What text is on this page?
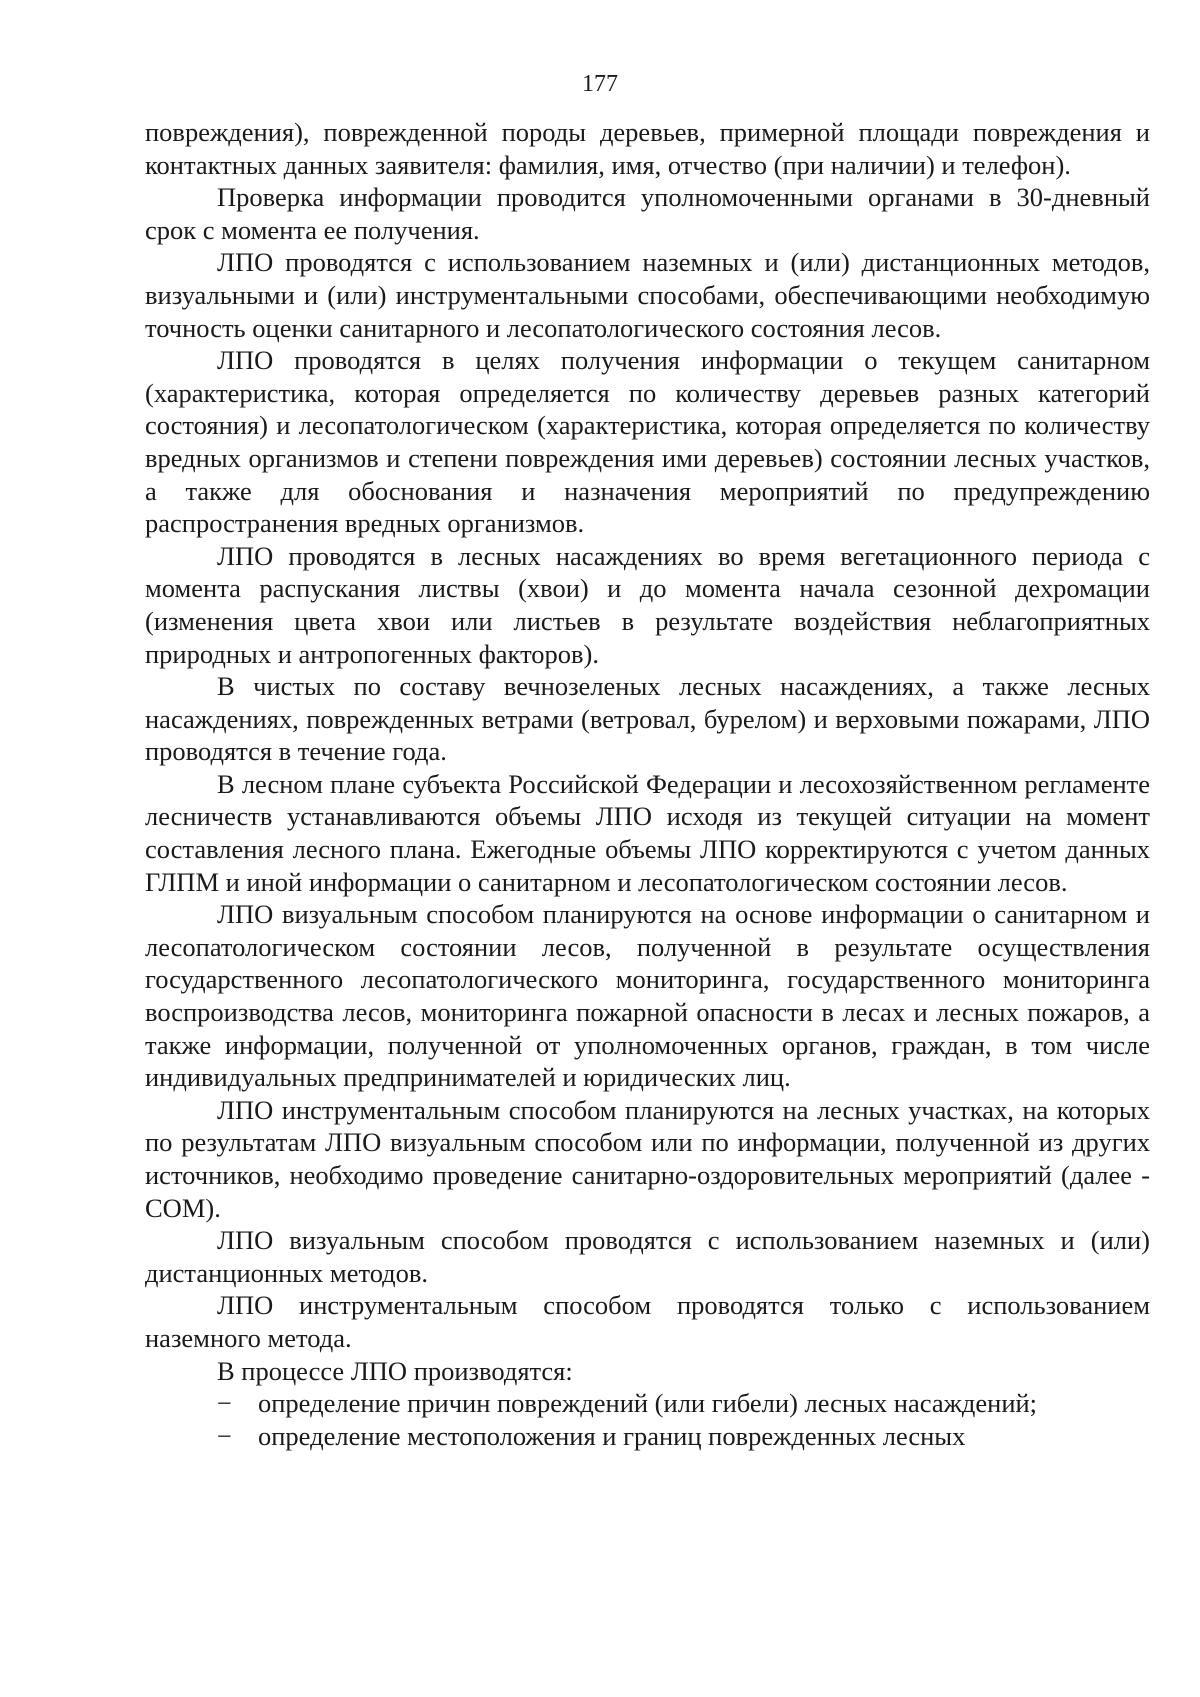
177

повреждения), поврежденной породы деревьев, примерной площади повреждения и контактных данных заявителя: фамилия, имя, отчество (при наличии) и телефон).

Проверка информации проводится уполномоченными органами в 30-дневный срок с момента ее получения.

ЛПО проводятся с использованием наземных и (или) дистанционных методов, визуальными и (или) инструментальными способами, обеспечивающими необходимую точность оценки санитарного и лесопатологического состояния лесов.

ЛПО проводятся в целях получения информации о текущем санитарном (характеристика, которая определяется по количеству деревьев разных категорий состояния) и лесопатологическом (характеристика, которая определяется по количеству вредных организмов и степени повреждения ими деревьев) состоянии лесных участков, а также для обоснования и назначения мероприятий по предупреждению распространения вредных организмов.

ЛПО проводятся в лесных насаждениях во время вегетационного периода с момента распускания листвы (хвои) и до момента начала сезонной дехромации (изменения цвета хвои или листьев в результате воздействия неблагоприятных природных и антропогенных факторов).

В чистых по составу вечнозеленых лесных насаждениях, а также лесных насаждениях, поврежденных ветрами (ветровал, бурелом) и верховыми пожарами, ЛПО проводятся в течение года.

В лесном плане субъекта Российской Федерации и лесохозяйственном регламенте лесничеств устанавливаются объемы ЛПО исходя из текущей ситуации на момент составления лесного плана. Ежегодные объемы ЛПО корректируются с учетом данных ГЛПМ и иной информации о санитарном и лесопатологическом состоянии лесов.

ЛПО визуальным способом планируются на основе информации о санитарном и лесопатологическом состоянии лесов, полученной в результате осуществления государственного лесопатологического мониторинга, государственного мониторинга воспроизводства лесов, мониторинга пожарной опасности в лесах и лесных пожаров, а также информации, полученной от уполномоченных органов, граждан, в том числе индивидуальных предпринимателей и юридических лиц.

ЛПО инструментальным способом планируются на лесных участках, на которых по результатам ЛПО визуальным способом или по информации, полученной из других источников, необходимо проведение санитарно-оздоровительных мероприятий (далее - СОМ).

ЛПО визуальным способом проводятся с использованием наземных и (или) дистанционных методов.

ЛПО инструментальным способом проводятся только с использованием наземного метода.

В процессе ЛПО производятся:

− определение причин повреждений (или гибели) лесных насаждений;
− определение местоположения и границ поврежденных лесных
